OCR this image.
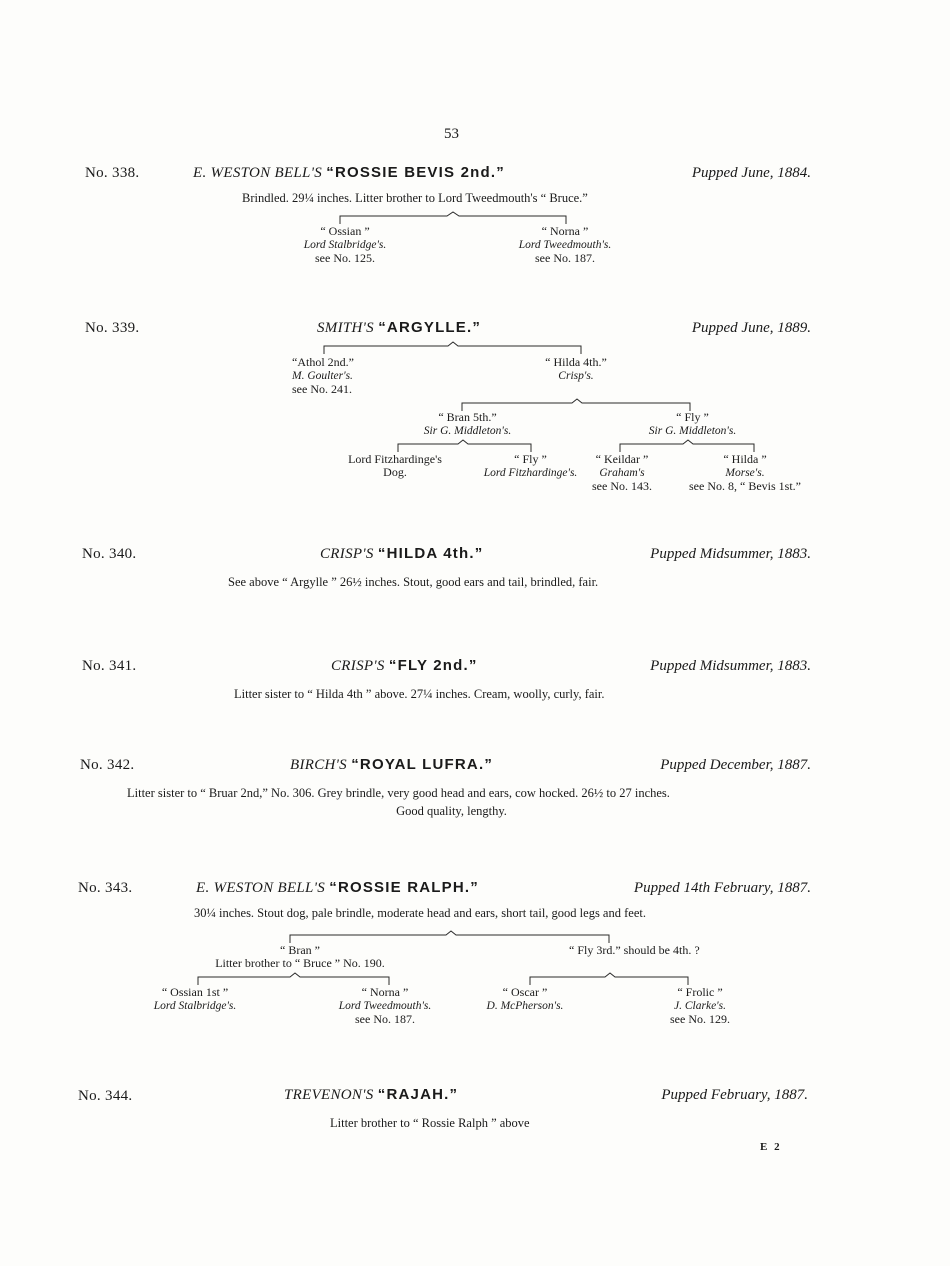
53
No. 338.	E. WESTON BELL'S “ROSSIE BEVIS 2nd.”	Pupped June, 1884.
Brindled. 29¼ inches. Litter brother to Lord Tweedmouth's “ Bruce.”
“ Ossian ”
Lord Stalbridge's.
see No. 125.
“ Norna ”
Lord Tweedmouth's.
see No. 187.
No. 339.	SMITH'S “ARGYLLE.”	Pupped June, 1889.
“Athol 2nd.”
M. Goulter's.
see No. 241.
“ Hilda 4th.”
Crisp's.
“ Bran 5th.”
Sir G. Middleton's.
“ Fly ”
Sir G. Middleton's.
Lord Fitzhardinge's
Dog.
“ Fly ”
Lord Fitzhardinge's.
“ Keildar ”
Graham's
see No. 143.
“ Hilda ”
Morse's.
see No. 8, “ Bevis 1st.”
No. 340.	CRISP'S “HILDA 4th.”	Pupped Midsummer, 1883.
See above “ Argylle ” 26½ inches. Stout, good ears and tail, brindled, fair.
No. 341.	CRISP'S “FLY 2nd.”	Pupped Midsummer, 1883.
Litter sister to “ Hilda 4th ” above. 27¼ inches. Cream, woolly, curly, fair.
No. 342.	BIRCH'S “ROYAL LUFRA.”	Pupped December, 1887.
Litter sister to “ Bruar 2nd,” No. 306. Grey brindle, very good head and ears, cow hocked. 26½ to 27 inches.
Good quality, lengthy.
No. 343.	E. WESTON BELL'S “ROSSIE RALPH.”	Pupped 14th February, 1887.
30¼ inches. Stout dog, pale brindle, moderate head and ears, short tail, good legs and feet.
“ Bran ”
Litter brother to “ Bruce ” No. 190.
“ Fly 3rd.” should be 4th. ?
“ Ossian 1st ”
Lord Stalbridge's.
“ Norna ”
Lord Tweedmouth's.
see No. 187.
“ Oscar ”
D. McPherson's.
“ Frolic ”
J. Clarke's.
see No. 129.
No. 344.	TREVENON'S “RAJAH.”	Pupped February, 1887.
Litter brother to “ Rossie Ralph ” above
E 2
